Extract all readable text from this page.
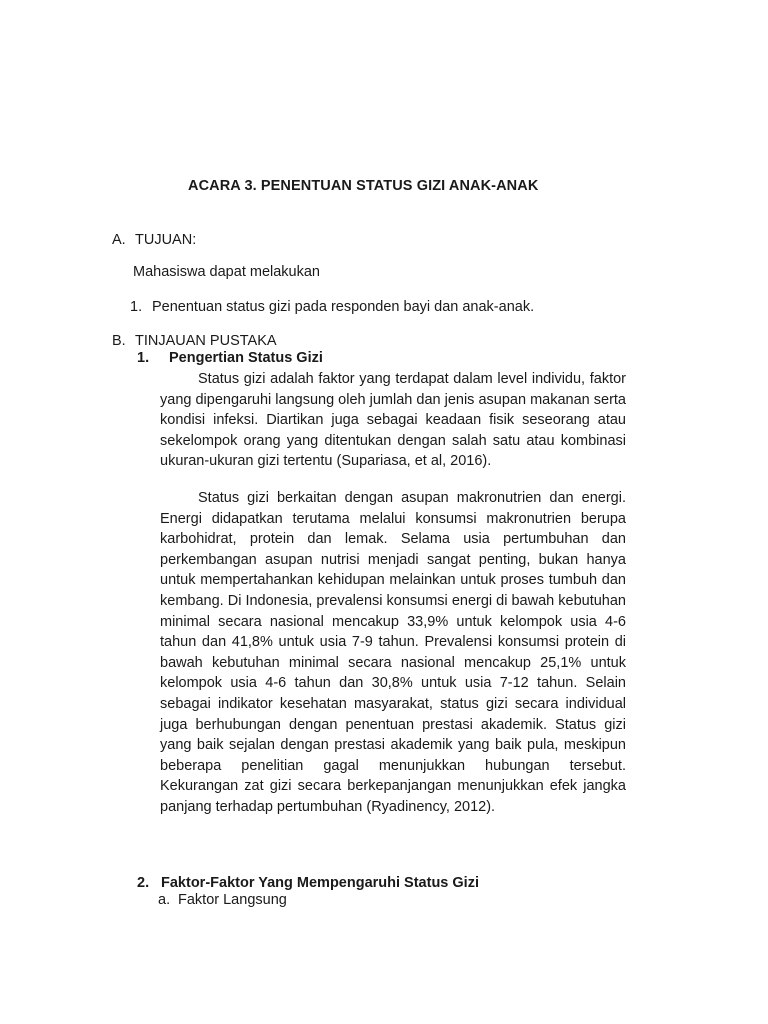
ACARA 3. PENENTUAN STATUS GIZI ANAK-ANAK
A. TUJUAN:
Mahasiswa dapat melakukan
1. Penentuan status gizi pada responden bayi dan anak-anak.
B. TINJAUAN PUSTAKA
1. Pengertian Status Gizi

Status gizi adalah faktor yang terdapat dalam level individu, faktor yang dipengaruhi langsung oleh jumlah dan jenis asupan makanan serta kondisi infeksi. Diartikan juga sebagai keadaan fisik seseorang atau sekelompok orang yang ditentukan dengan salah satu atau kombinasi ukuran-ukuran gizi tertentu (Supariasa, et al, 2016).

Status gizi berkaitan dengan asupan makronutrien dan energi. Energi didapatkan terutama melalui konsumsi makronutrien berupa karbohidrat, protein dan lemak. Selama usia pertumbuhan dan perkembangan asupan nutrisi menjadi sangat penting, bukan hanya untuk mempertahankan kehidupan melainkan untuk proses tumbuh dan kembang. Di Indonesia, prevalensi konsumsi energi di bawah kebutuhan minimal secara nasional mencakup 33,9% untuk kelompok usia 4-6 tahun dan 41,8% untuk usia 7-9 tahun. Prevalensi konsumsi protein di bawah kebutuhan minimal secara nasional mencakup 25,1% untuk kelompok usia 4-6 tahun dan 30,8% untuk usia 7-12 tahun. Selain sebagai indikator kesehatan masyarakat, status gizi secara individual juga berhubungan dengan penentuan prestasi akademik. Status gizi yang baik sejalan dengan prestasi akademik yang baik pula, meskipun beberapa penelitian gagal menunjukkan hubungan tersebut. Kekurangan zat gizi secara berkepanjangan menunjukkan efek jangka panjang terhadap pertumbuhan (Ryadinency, 2012).

2. Faktor-Faktor Yang Mempengaruhi Status Gizi
a. Faktor Langsung
